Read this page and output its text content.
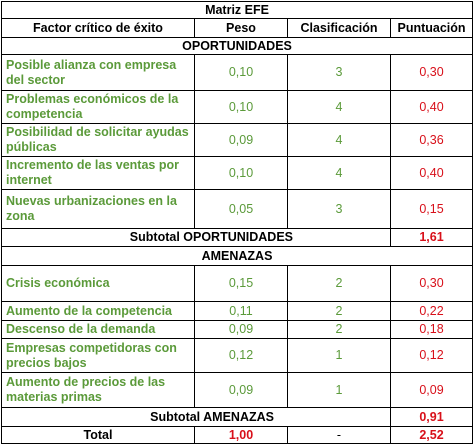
Matriz EFE			
Factor crítico de éxito	Peso	Clasificación	Puntuación
OPORTUNIDADES			
Posible alianza con empresa del sector	0,10	3	0,30
Problemas económicos de la competencia	0,10	4	0,40
Posibilidad de solicitar ayudas públicas	0,09	4	0,36
Incremento de las ventas por internet	0,10	4	0,40
Nuevas urbanizaciones en la zona	0,05	3	0,15
Subtotal OPORTUNIDADES			1,61
AMENAZAS			
Crisis económica	0,15	2	0,30
Aumento de la competencia	0,11	2	0,22
Descenso de la demanda	0,09	2	0,18
Empresas competidoras con precios bajos	0,12	1	0,12
Aumento de precios de las materias primas	0,09	1	0,09
Subtotal AMENAZAS			0,91
Total	1,00	-	2,52
